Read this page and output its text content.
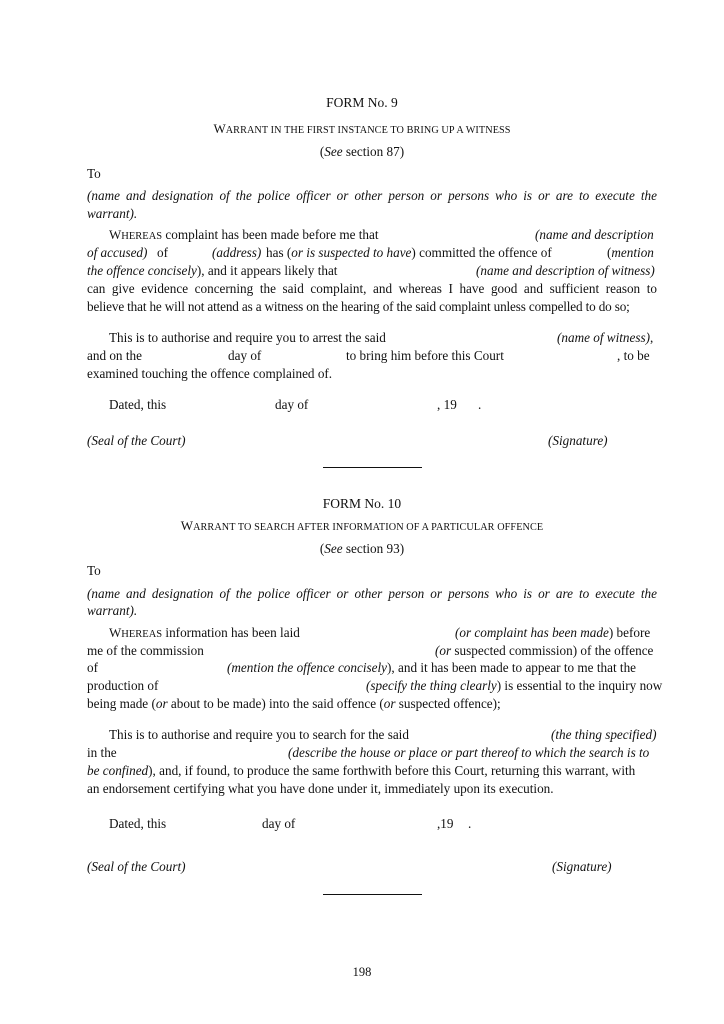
FORM No. 9
WARRANT IN THE FIRST INSTANCE TO BRING UP A WITNESS
(See section 87)
To
(name and designation of the police officer or other person or persons who is or are to execute the
warrant).
WHEREAS complaint has been made before me that	(name and description
of accused) of	(address) has (or is suspected to have) committed the offence of	(mention
the offence concisely), and it appears likely that	(name and description of witness)
can give evidence concerning the said complaint, and whereas I have good and sufficient reason to
believe that he will not attend as a witness on the hearing of the said complaint unless compelled to do so;
This is to authorise and require you to arrest the said	(name of witness),
and on the	day of	to bring him before this Court	, to be
examined touching the offence complained of.
Dated, this	day of	, 19 .
(Seal of the Court)	(Signature)
FORM No. 10
WARRANT TO SEARCH AFTER INFORMATION OF A PARTICULAR OFFENCE
(See section 93)
To
(name and designation of the police officer or other person or persons who is or are to execute the
warrant).
WHEREAS information has been laid	(or complaint has been made) before
me of the commission	(or suspected commission) of the offence
of	(mention the offence concisely), and it has been made to appear to me that the
production of	(specify the thing clearly) is essential to the inquiry now
being made (or about to be made) into the said offence (or suspected offence);
This is to authorise and require you to search for the said	(the thing specified)
in the	(describe the house or place or part thereof to which the search is to
be confined), and, if found, to produce the same forthwith before this Court, returning this warrant, with
an endorsement certifying what you have done under it, immediately upon its execution.
Dated, this	day of	,19 .
(Seal of the Court)	(Signature)
198
